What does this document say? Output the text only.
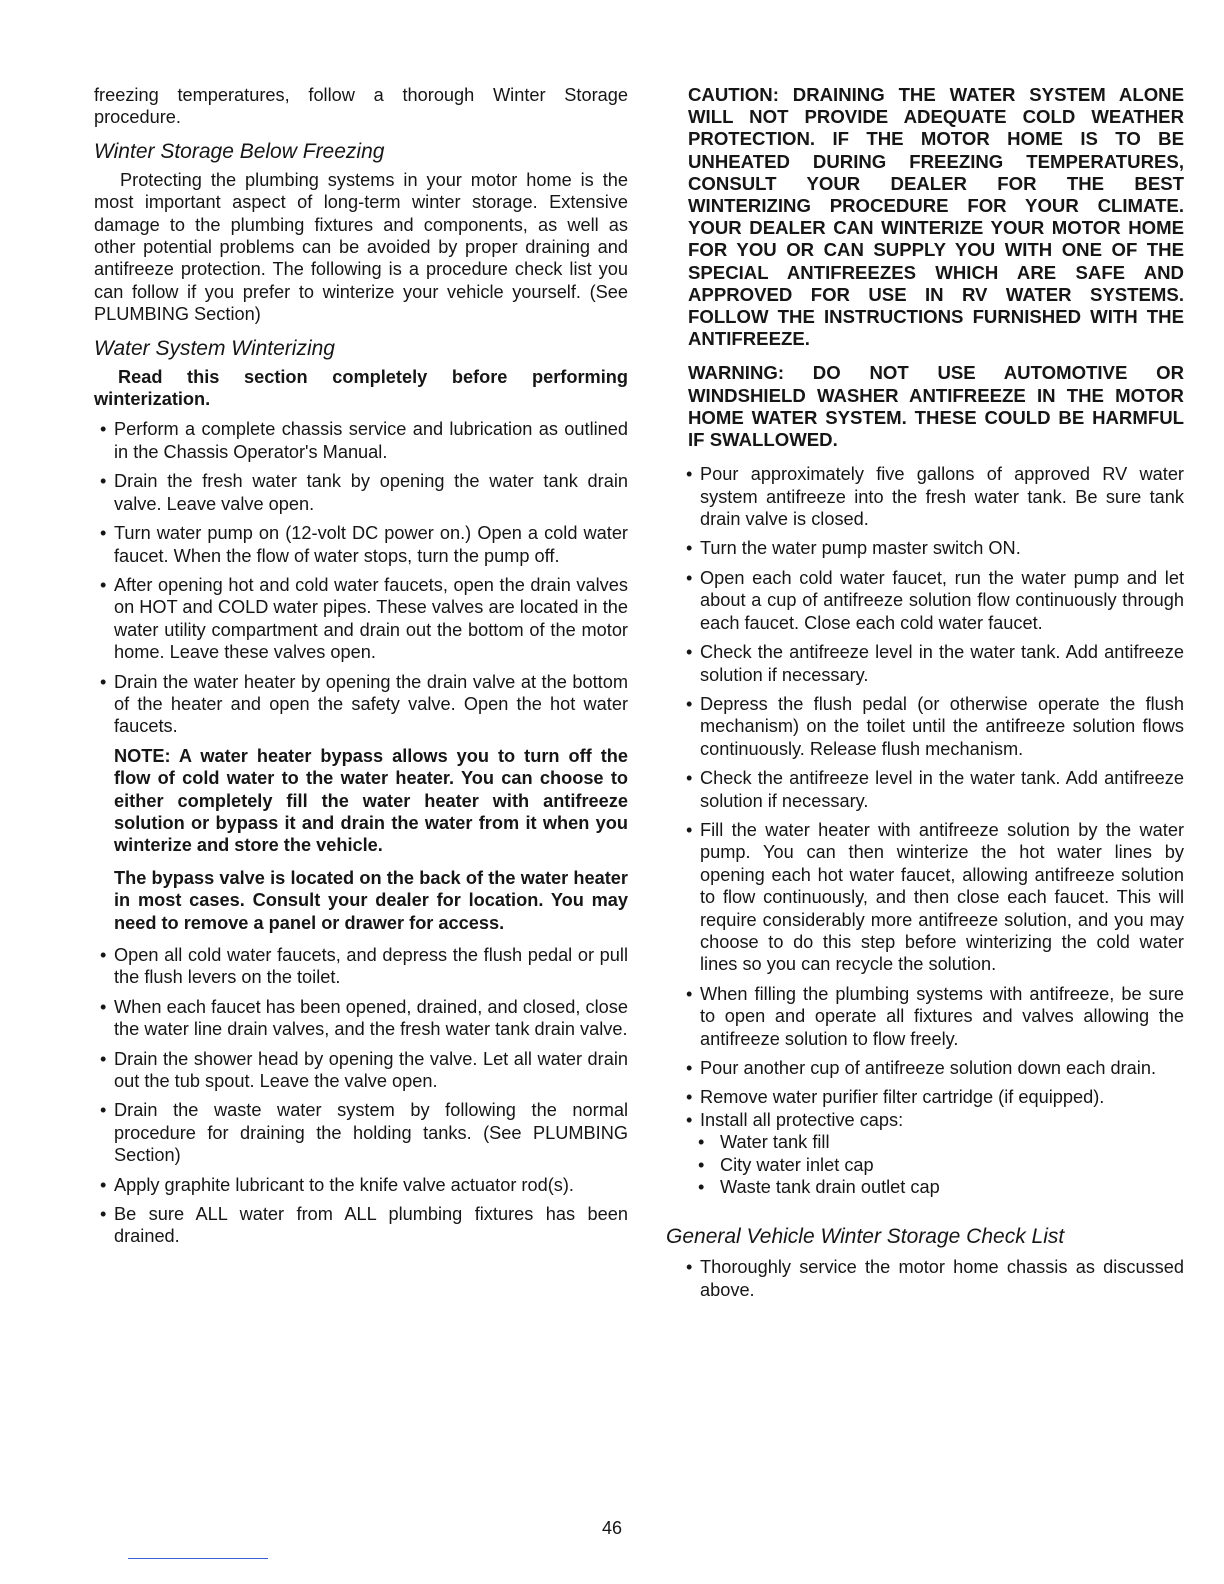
freezing temperatures, follow a thorough Winter Storage procedure.

Winter Storage Below Freezing

Protecting the plumbing systems in your motor home is the most important aspect of long-term winter storage. Extensive damage to the plumbing fixtures and components, as well as other potential problems can be avoided by proper draining and antifreeze protection. The following is a procedure check list you can follow if you prefer to winterize your vehicle yourself. (See PLUMBING Section)

Water System Winterizing

Read this section completely before performing winterization.

• Perform a complete chassis service and lubrication as outlined in the Chassis Operator's Manual.
• Drain the fresh water tank by opening the water tank drain valve. Leave valve open.
• Turn water pump on (12-volt DC power on.) Open a cold water faucet. When the flow of water stops, turn the pump off.
• After opening hot and cold water faucets, open the drain valves on HOT and COLD water pipes. These valves are located in the water utility compartment and drain out the bottom of the motor home. Leave these valves open.
• Drain the water heater by opening the drain valve at the bottom of the heater and open the safety valve. Open the hot water faucets.

NOTE: A water heater bypass allows you to turn off the flow of cold water to the water heater. You can choose to either completely fill the water heater with antifreeze solution or bypass it and drain the water from it when you winterize and store the vehicle.

The bypass valve is located on the back of the water heater in most cases. Consult your dealer for location. You may need to remove a panel or drawer for access.

• Open all cold water faucets, and depress the flush pedal or pull the flush levers on the toilet.
• When each faucet has been opened, drained, and closed, close the water line drain valves, and the fresh water tank drain valve.
• Drain the shower head by opening the valve. Let all water drain out the tub spout. Leave the valve open.
• Drain the waste water system by following the normal procedure for draining the holding tanks. (See PLUMBING Section)
• Apply graphite lubricant to the knife valve actuator rod(s).
• Be sure ALL water from ALL plumbing fixtures has been drained.

CAUTION: DRAINING THE WATER SYSTEM ALONE WILL NOT PROVIDE ADEQUATE COLD WEATHER PROTECTION. IF THE MOTOR HOME IS TO BE UNHEATED DURING FREEZING TEMPERATURES, CONSULT YOUR DEALER FOR THE BEST WINTERIZING PROCEDURE FOR YOUR CLIMATE. YOUR DEALER CAN WINTERIZE YOUR MOTOR HOME FOR YOU OR CAN SUPPLY YOU WITH ONE OF THE SPECIAL ANTIFREEZES WHICH ARE SAFE AND APPROVED FOR USE IN RV WATER SYSTEMS. FOLLOW THE INSTRUCTIONS FURNISHED WITH THE ANTIFREEZE.

WARNING: DO NOT USE AUTOMOTIVE OR WINDSHIELD WASHER ANTIFREEZE IN THE MOTOR HOME WATER SYSTEM. THESE COULD BE HARMFUL IF SWALLOWED.

• Pour approximately five gallons of approved RV water system antifreeze into the fresh water tank. Be sure tank drain valve is closed.
• Turn the water pump master switch ON.
• Open each cold water faucet, run the water pump and let about a cup of antifreeze solution flow continuously through each faucet. Close each cold water faucet.
• Check the antifreeze level in the water tank. Add antifreeze solution if necessary.
• Depress the flush pedal (or otherwise operate the flush mechanism) on the toilet until the antifreeze solution flows continuously. Release flush mechanism.
• Check the antifreeze level in the water tank. Add antifreeze solution if necessary.
• Fill the water heater with antifreeze solution by the water pump. You can then winterize the hot water lines by opening each hot water faucet, allowing antifreeze solution to flow continuously, and then close each faucet. This will require considerably more antifreeze solution, and you may choose to do this step before winterizing the cold water lines so you can recycle the solution.
• When filling the plumbing systems with antifreeze, be sure to open and operate all fixtures and valves allowing the antifreeze solution to flow freely.
• Pour another cup of antifreeze solution down each drain.
• Remove water purifier filter cartridge (if equipped).
• Install all protective caps:
• Water tank fill
• City water inlet cap
• Waste tank drain outlet cap
General Vehicle Winter Storage Check List
• Thoroughly service the motor home chassis as discussed above.
46
